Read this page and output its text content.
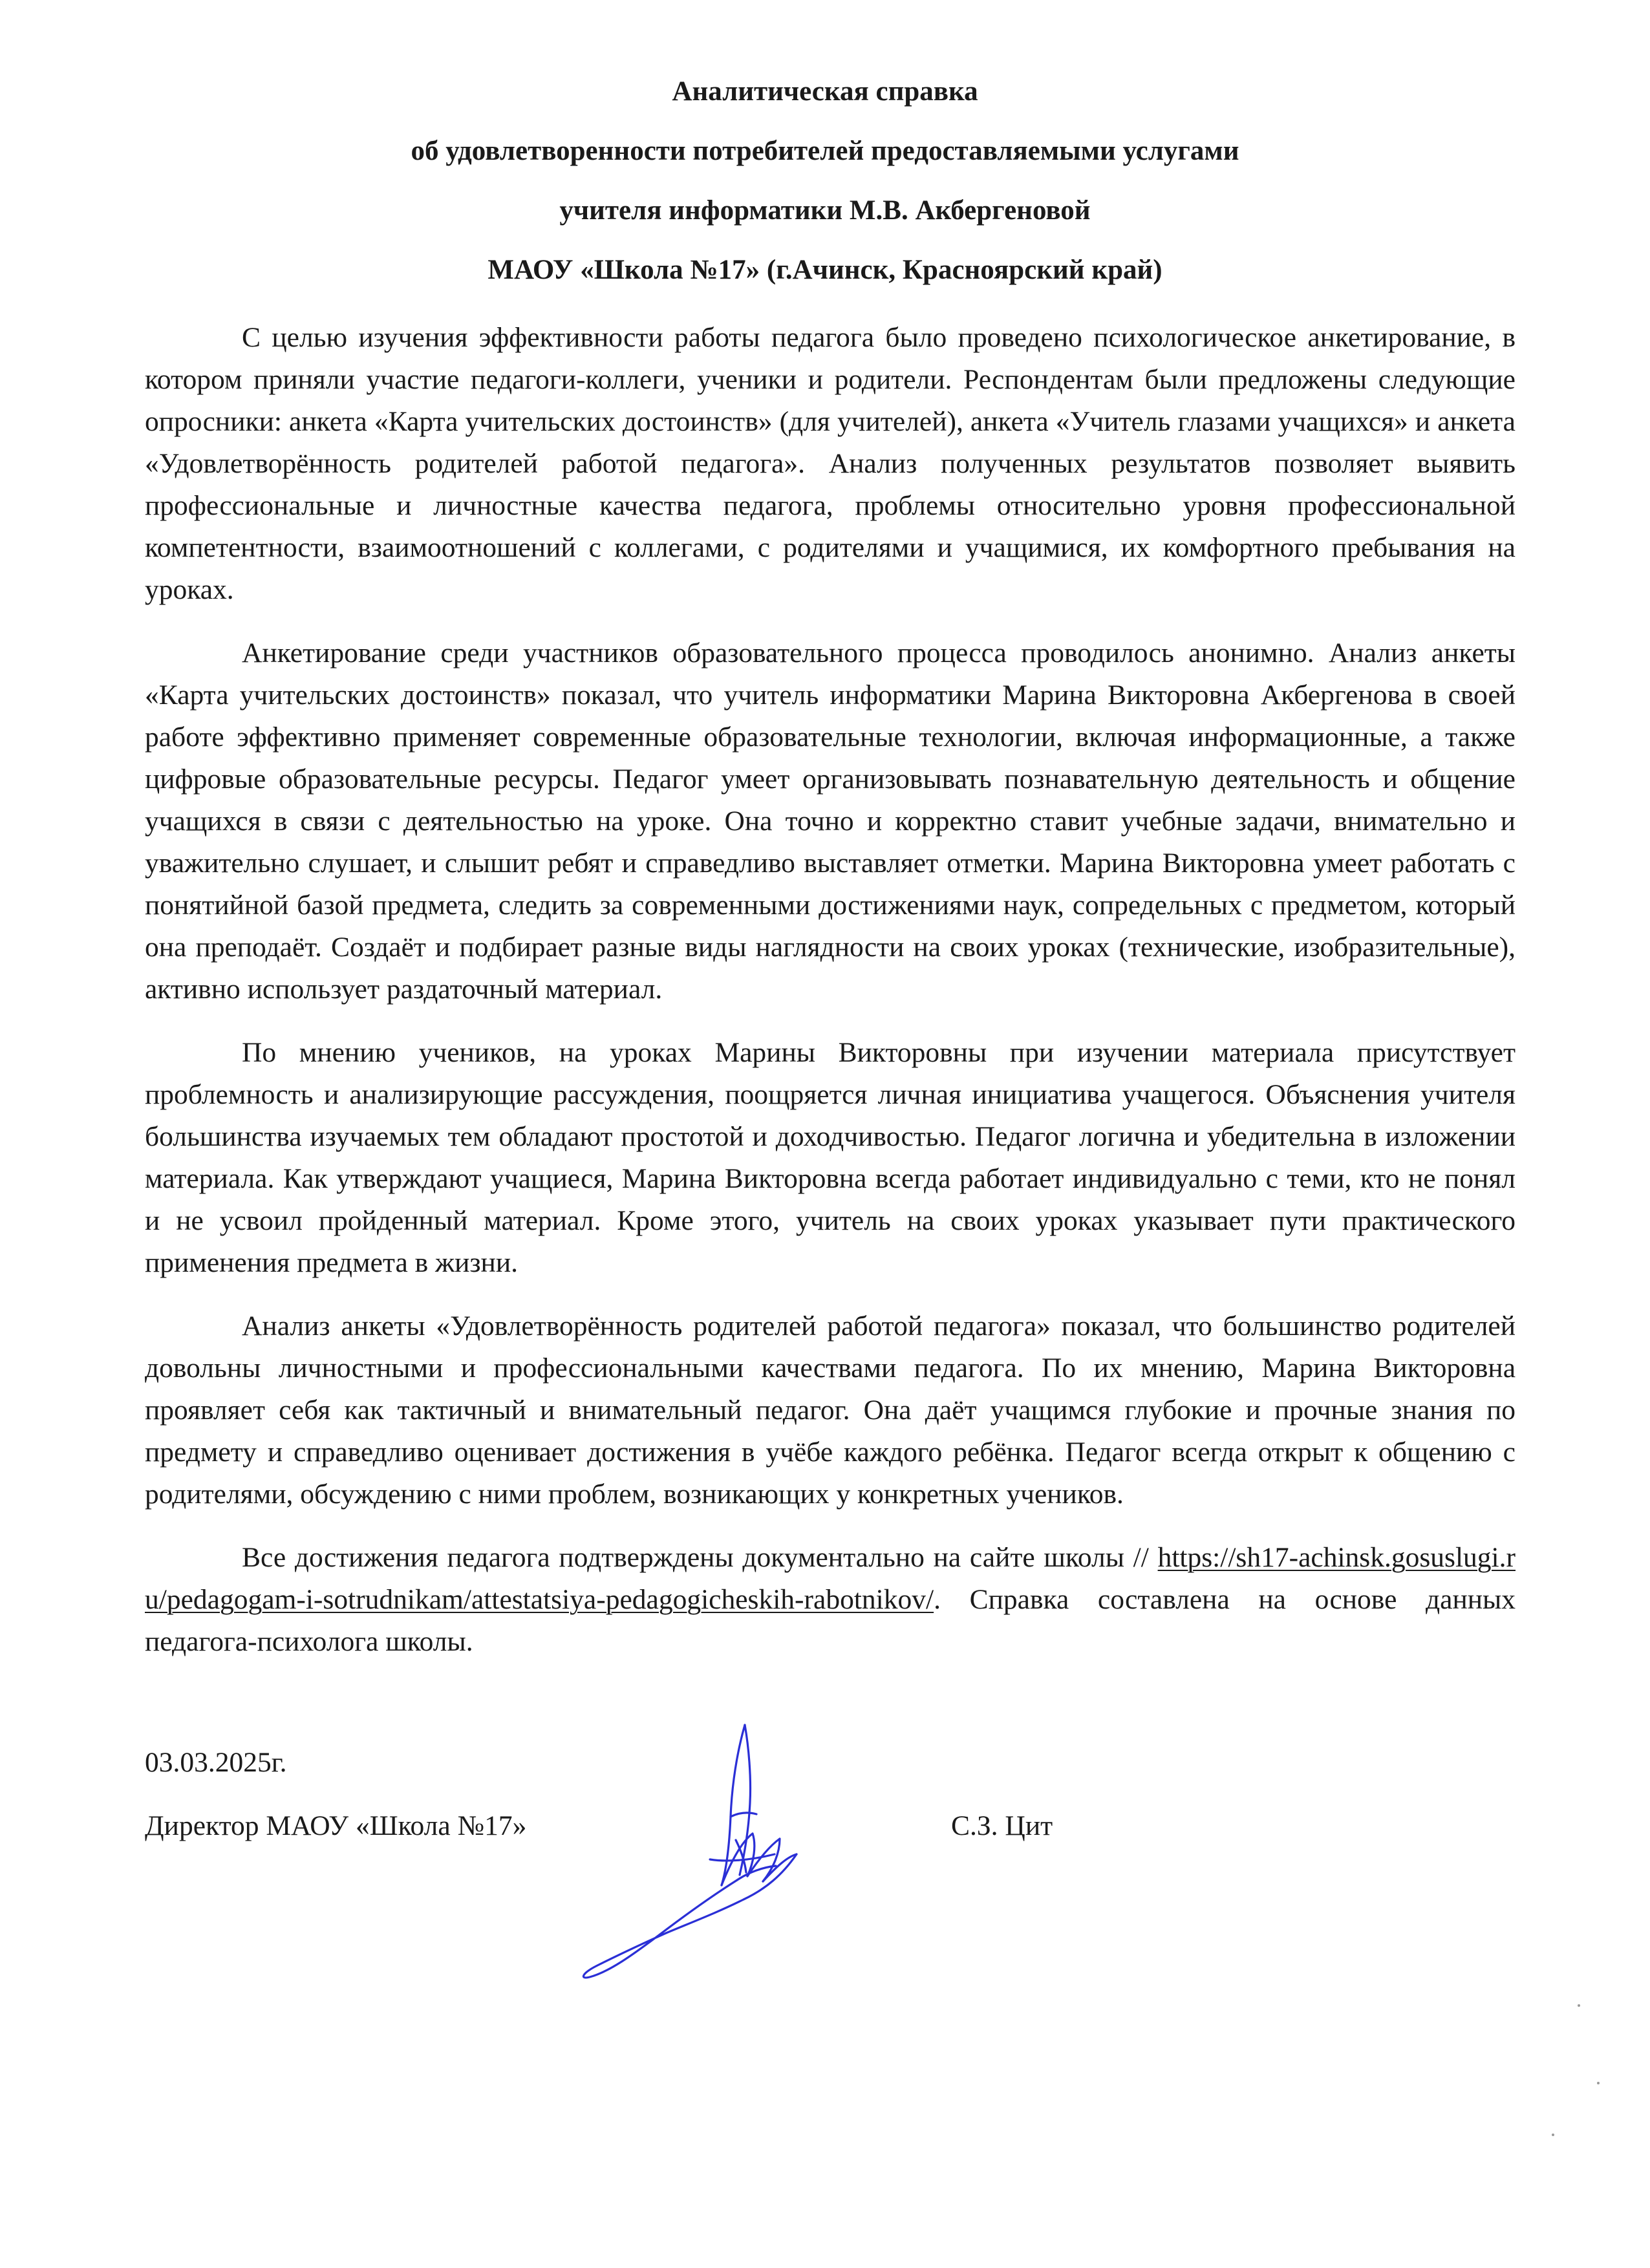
Аналитическая справка
об удовлетворенности потребителей предоставляемыми услугами
учителя информатики М.В. Акбергеновой
МАОУ «Школа №17» (г.Ачинск, Красноярский край)

С целью изучения эффективности работы педагога было проведено психологическое анкетирование, в котором приняли участие педагоги-коллеги, ученики и родители. Респондентам были предложены следующие опросники: анкета «Карта учительских достоинств» (для учителей), анкета «Учитель глазами учащихся» и анкета «Удовлетворённость родителей работой педагога». Анализ полученных результатов позволяет выявить профессиональные и личностные качества педагога, проблемы относительно уровня профессиональной компетентности, взаимоотношений с коллегами, с родителями и учащимися, их комфортного пребывания на уроках.

Анкетирование среди участников образовательного процесса проводилось анонимно. Анализ анкеты «Карта учительских достоинств» показал, что учитель информатики Марина Викторовна Акбергенова в своей работе эффективно применяет современные образовательные технологии, включая информационные, а также цифровые образовательные ресурсы. Педагог умеет организовывать познавательную деятельность и общение учащихся в связи с деятельностью на уроке. Она точно и корректно ставит учебные задачи, внимательно и уважительно слушает, и слышит ребят и справедливо выставляет отметки. Марина Викторовна умеет работать с понятийной базой предмета, следить за современными достижениями наук, сопредельных с предметом, который она преподаёт. Создаёт и подбирает разные виды наглядности на своих уроках (технические, изобразительные), активно использует раздаточный материал.

По мнению учеников, на уроках Марины Викторовны при изучении материала присутствует проблемность и анализирующие рассуждения, поощряется личная инициатива учащегося. Объяснения учителя большинства изучаемых тем обладают простотой и доходчивостью. Педагог логична и убедительна в изложении материала. Как утверждают учащиеся, Марина Викторовна всегда работает индивидуально с теми, кто не понял и не усвоил пройденный материал. Кроме этого, учитель на своих уроках указывает пути практического применения предмета в жизни.

Анализ анкеты «Удовлетворённость родителей работой педагога» показал, что большинство родителей довольны личностными и профессиональными качествами педагога. По их мнению, Марина Викторовна проявляет себя как тактичный и внимательный педагог. Она даёт учащимся глубокие и прочные знания по предмету и справедливо оценивает достижения в учёбе каждого ребёнка. Педагог всегда открыт к общению с родителями, обсуждению с ними проблем, возникающих у конкретных учеников.

Все достижения педагога подтверждены документально на сайте школы // https://sh17-achinsk.gosuslugi.ru/pedagogam-i-sotrudnikam/attestatsiya-pedagogicheskih-rabotnikov/. Справка составлена на основе данных педагога-психолога школы.

03.03.2025г.
Директор МАОУ «Школа №17»	С.З. Цит
